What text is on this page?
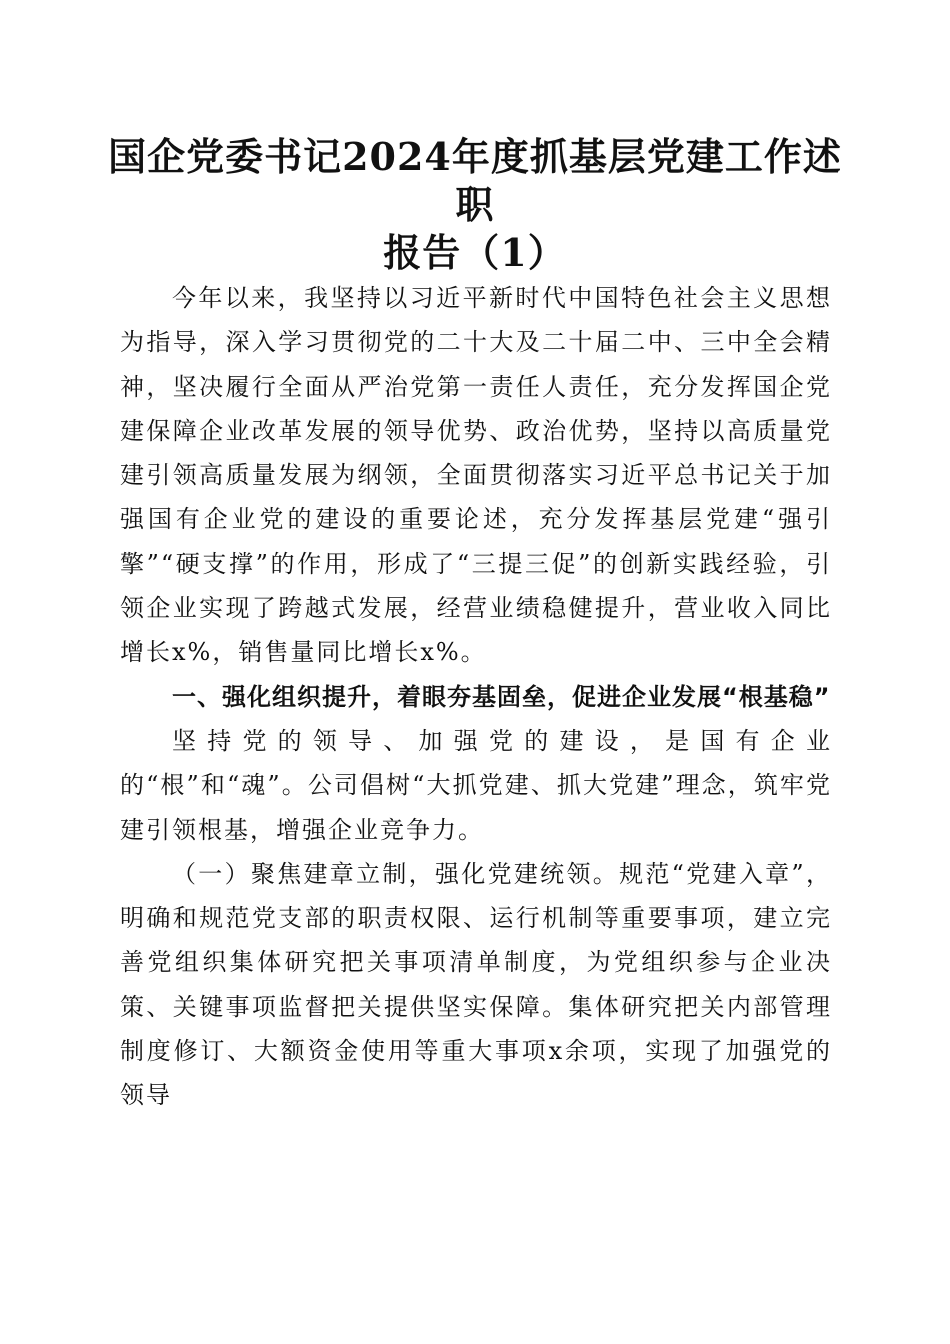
国企党委书记2024年度抓基层党建工作述职
报告（1）

今年以来，我坚持以习近平新时代中国特色社会主义思想为指导，深入学习贯彻党的二十大及二十届二中、三中全会精神，坚决履行全面从严治党第一责任人责任，充分发挥国企党建保障企业改革发展的领导优势、政治优势，坚持以高质量党建引领高质量发展为纲领，全面贯彻落实习近平总书记关于加强国有企业党的建设的重要论述，充分发挥基层党建“强引擎”“硬支撑”的作用，形成了“三提三促”的创新实践经验，引领企业实现了跨越式发展，经营业绩稳健提升，营业收入同比增长x%，销售量同比增长x%。

一、强化组织提升，着眼夯基固垒，促进企业发展“根基稳”

坚持党的领导、加强党的建设，是国有企业的“根”和“魂”。公司倡树“大抓党建、抓大党建”理念，筑牢党建引领根基，增强企业竞争力。

（一）聚焦建章立制，强化党建统领。规范“党建入章”，明确和规范党支部的职责权限、运行机制等重要事项，建立完善党组织集体研究把关事项清单制度，为党组织参与企业决策、关键事项监督把关提供坚实保障。集体研究把关内部管理制度修订、大额资金使用等重大事项x余项，实现了加强党的领导
